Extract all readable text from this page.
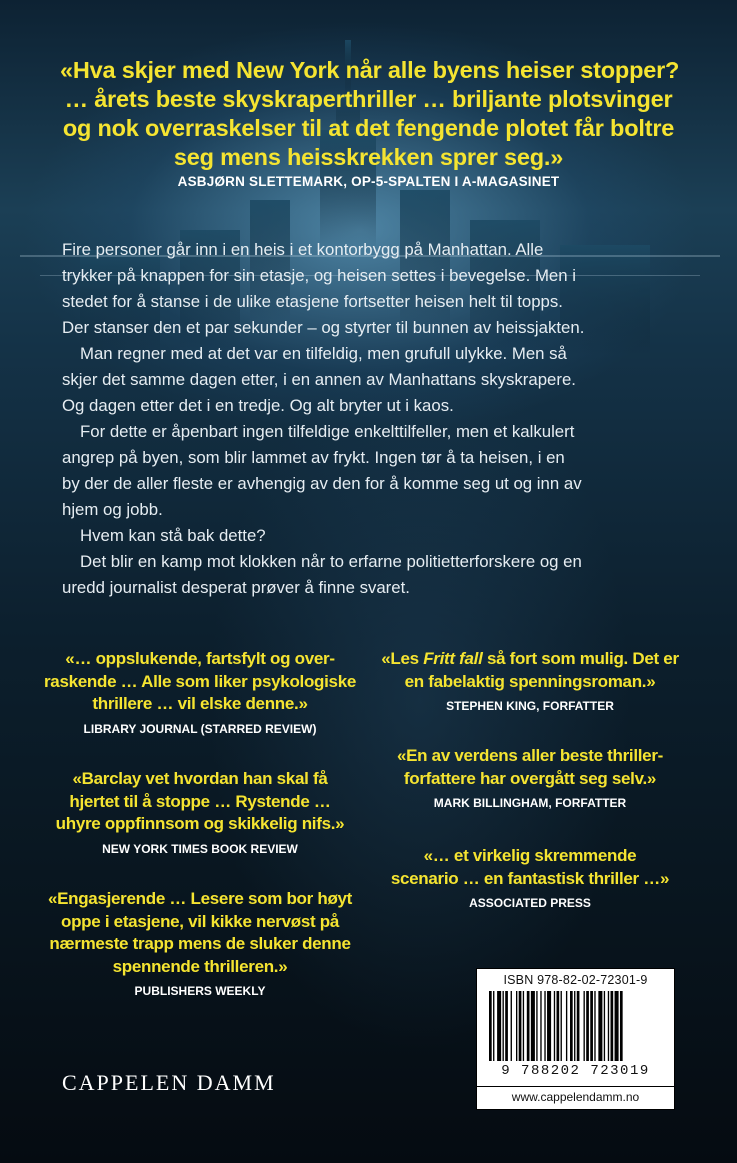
«Hva skjer med New York når alle byens heiser stopper?
… årets beste skyskraperthriller … briljante plotsvinger
og nok overraskelser til at det fengende plotet får boltre
seg mens heisskrekken sprer seg.»
ASBJØRN SLETTEMARK, OP-5-SPALTEN I A-MAGASINET

Fire personer går inn i en heis i et kontorbygg på Manhattan. Alle

trykker på knappen for sin etasje, og heisen settes i bevegelse. Men i

stedet for å stanse i de ulike etasjene fortsetter heisen helt til topps.

Der stanser den et par sekunder – og styrter til bunnen av heissjakten.

Man regner med at det var en tilfeldig, men grufull ulykke. Men så

skjer det samme dagen etter, i en annen av Manhattans skyskrapere.

Og dagen etter det i en tredje. Og alt bryter ut i kaos.

For dette er åpenbart ingen tilfeldige enkelttilfeller, men et kalkulert

angrep på byen, som blir lammet av frykt. Ingen tør å ta heisen, i en

by der de aller fleste er avhengig av den for å komme seg ut og inn av

hjem og jobb.

Hvem kan stå bak dette?

Det blir en kamp mot klokken når to erfarne politietterforskere og en

uredd journalist desperat prøver å finne svaret.

«… oppslukende, fartsfylt og over-
raskende … Alle som liker psykologiske
thrillere … vil elske denne.»
LIBRARY JOURNAL (STARRED REVIEW)
«Barclay vet hvordan han skal få
hjertet til å stoppe … Rystende …
uhyre oppfinnsom og skikkelig nifs.»
NEW YORK TIMES BOOK REVIEW
«Engasjerende … Lesere som bor høyt
oppe i etasjene, vil kikke nervøst på
nærmeste trapp mens de sluker denne
spennende thrilleren.»
PUBLISHERS WEEKLY
«Les Fritt fall så fort som mulig. Det er
en fabelaktig spenningsroman.»
STEPHEN KING, FORFATTER
«En av verdens aller beste thriller-
forfattere har overgått seg selv.»
MARK BILLINGHAM, FORFATTER
«… et virkelig skremmende
scenario … en fantastisk thriller …»
ASSOCIATED PRESS
ISBN 978-82-02-72301-9
9 788202 723019
www.cappelendamm.no
CAPPELEN DAMM
